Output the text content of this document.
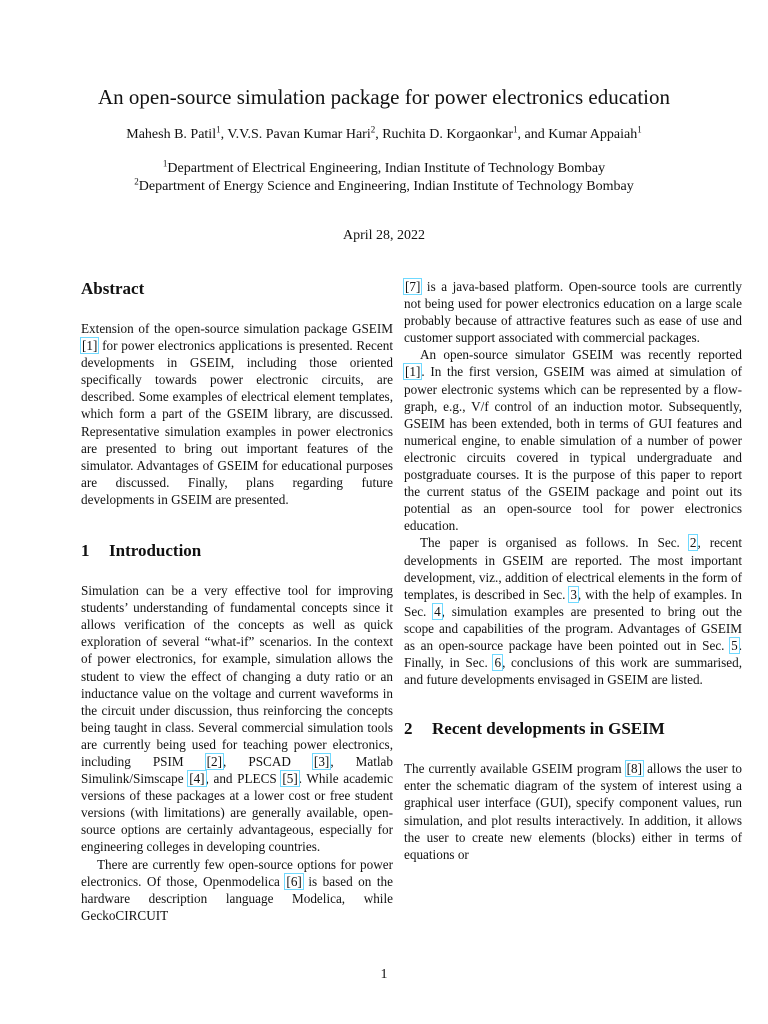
An open-source simulation package for power electronics education
Mahesh B. Patil$^1$, V.V.S. Pavan Kumar Hari$^2$, Ruchita D. Korgaonkar$^1$, and Kumar Appaiah$^1$
$^1$Department of Electrical Engineering, Indian Institute of Technology Bombay
$^2$Department of Energy Science and Engineering, Indian Institute of Technology Bombay
April 28, 2022
Abstract

Extension of the open-source simulation package GSEIM [1] for power electronics applications is presented. Recent developments in GSEIM, including those oriented specifically towards power electronic circuits, are described. Some examples of electrical element templates, which form a part of the GSEIM library, are discussed. Representative simulation examples in power electronics are presented to bring out important features of the simulator. Advantages of GSEIM for educational purposes are discussed. Finally, plans regarding future developments in GSEIM are presented.

1 Introduction

Simulation can be a very effective tool for improving students’ understanding of fundamental concepts since it allows verification of the concepts as well as quick exploration of several “what-if” scenarios. In the context of power electronics, for example, simulation allows the student to view the effect of changing a duty ratio or an inductance value on the voltage and current waveforms in the circuit under discussion, thus reinforcing the concepts being taught in class. Several commercial simulation tools are currently being used for teaching power electronics, including PSIM [2], PSCAD [3], Matlab Simulink/Simscape [4], and PLECS [5]. While academic versions of these packages at a lower cost or free student versions (with limitations) are generally available, open-source options are certainly advantageous, especially for engineering colleges in developing countries.

There are currently few open-source options for power electronics. Of those, Openmodelica [6] is based on the hardware description language Modelica, while GeckoCIRCUIT

[7] is a java-based platform. Open-source tools are currently not being used for power electronics education on a large scale probably because of attractive features such as ease of use and customer support associated with commercial packages.

An open-source simulator GSEIM was recently reported [1]. In the first version, GSEIM was aimed at simulation of power electronic systems which can be represented by a flow-graph, e.g., V/f control of an induction motor. Subsequently, GSEIM has been extended, both in terms of GUI features and numerical engine, to enable simulation of a number of power electronic circuits covered in typical undergraduate and postgraduate courses. It is the purpose of this paper to report the current status of the GSEIM package and point out its potential as an open-source tool for power electronics education.

The paper is organised as follows. In Sec. 2, recent developments in GSEIM are reported. The most important development, viz., addition of electrical elements in the form of templates, is described in Sec. 3, with the help of examples. In Sec. 4, simulation examples are presented to bring out the scope and capabilities of the program. Advantages of GSEIM as an open-source package have been pointed out in Sec. 5. Finally, in Sec. 6, conclusions of this work are summarised, and future developments envisaged in GSEIM are listed.

2 Recent developments in GSEIM

The currently available GSEIM program [8] allows the user to enter the schematic diagram of the system of interest using a graphical user interface (GUI), specify component values, run simulation, and plot results interactively. In addition, it allows the user to create new elements (blocks) either in terms of equations or

1
